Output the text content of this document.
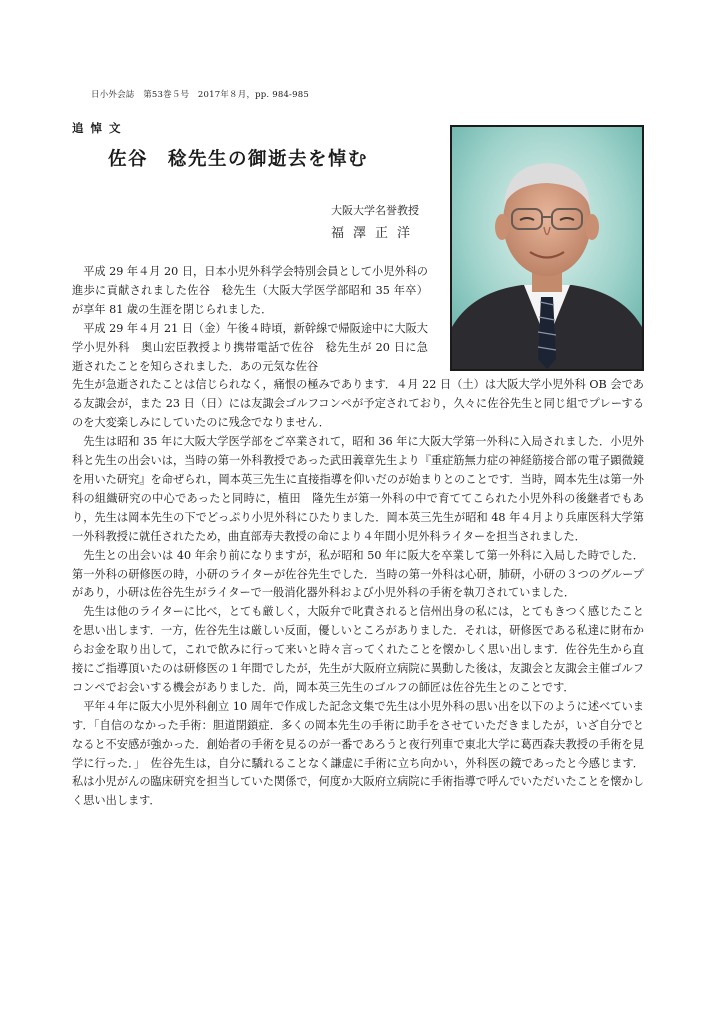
日小外会誌　第53巻５号　2017年８月，pp. 984-985
追悼文
佐谷　稔先生の御逝去を悼む
大阪大学名誉教授
福澤正洋

平成 29 年４月 20 日，日本小児外科学会特別会員として小児外科の進歩に貢献されました佐谷　稔先生（大阪大学医学部昭和 35 年卒）が享年 81 歳の生涯を閉じられました．

平成 29 年４月 21 日（金）午後４時頃，新幹線で帰阪途中に大阪大学小児外科　奥山宏臣教授より携帯電話で佐谷　稔先生が 20 日に急逝されたことを知らされました．あの元気な佐谷

先生が急逝されたことは信じられなく，痛恨の極みであります．４月 22 日（土）は大阪大学小児外科 OB 会である友諏会が，また 23 日（日）には友諏会ゴルフコンペが予定されており，久々に佐谷先生と同じ組でプレーするのを大変楽しみにしていたのに残念でなりません．

先生は昭和 35 年に大阪大学医学部をご卒業されて，昭和 36 年に大阪大学第一外科に入局されました．小児外科と先生の出会いは，当時の第一外科教授であった武田義章先生より『重症筋無力症の神経筋接合部の電子顕微鏡を用いた研究』を命ぜられ，岡本英三先生に直接指導を仰いだのが始まりとのことです．当時，岡本先生は第一外科の組織研究の中心であったと同時に，植田　隆先生が第一外科の中で育ててこられた小児外科の後継者でもあり，先生は岡本先生の下でどっぷり小児外科にひたりました．岡本英三先生が昭和 48 年４月より兵庫医科大学第一外科教授に就任されたため，曲直部寿夫教授の命により４年間小児外科ライターを担当されました．

先生との出会いは 40 年余り前になりますが，私が昭和 50 年に阪大を卒業して第一外科に入局した時でした．第一外科の研修医の時，小研のライターが佐谷先生でした．当時の第一外科は心研，肺研，小研の３つのグループがあり，小研は佐谷先生がライターで一般消化器外科および小児外科の手術を執刀されていました．

先生は他のライターに比べ，とても厳しく，大阪弁で叱責されると信州出身の私には，とてもきつく感じたことを思い出します．一方，佐谷先生は厳しい反面，優しいところがありました．それは，研修医である私達に財布からお金を取り出して，これで飲みに行って来いと時々言ってくれたことを懐かしく思い出します．佐谷先生から直接にご指導頂いたのは研修医の１年間でしたが，先生が大阪府立病院に異動した後は，友諏会と友諏会主催ゴルフコンペでお会いする機会がありました．尚，岡本英三先生のゴルフの師匠は佐谷先生とのことです．

平年４年に阪大小児外科創立 10 周年で作成した記念文集で先生は小児外科の思い出を以下のように述べています．「自信のなかった手術：胆道閉鎖症．多くの岡本先生の手術に助手をさせていただきましたが，いざ自分でとなると不安感が強かった．創始者の手術を見るのが一番であろうと夜行列車で東北大学に葛西森夫教授の手術を見学に行った．」　佐谷先生は，自分に驕れることなく謙虚に手術に立ち向かい，外科医の鏡であったと今感じます．私は小児がんの臨床研究を担当していた関係で，何度か大阪府立病院に手術指導で呼んでいただいたことを懐かしく思い出します．
